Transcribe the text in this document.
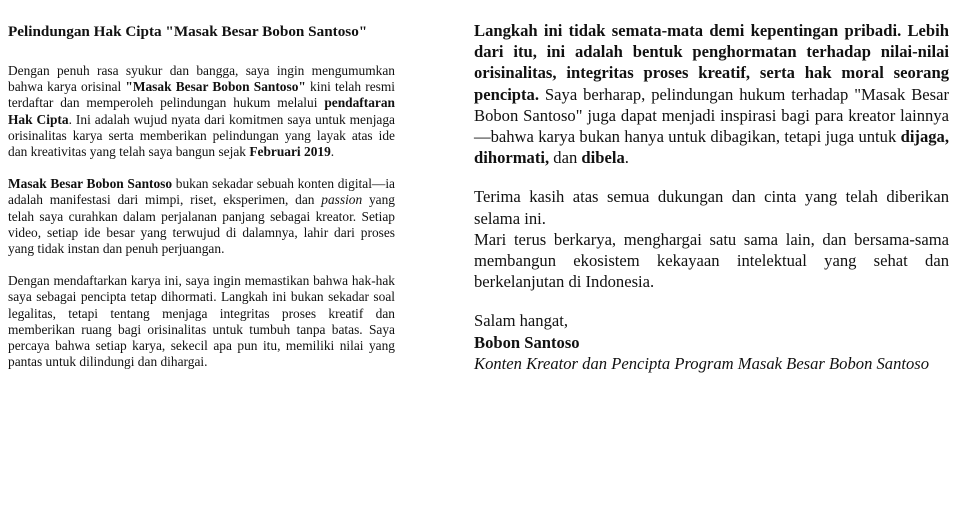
Pelindungan Hak Cipta "Masak Besar Bobon Santoso"

Dengan penuh rasa syukur dan bangga, saya ingin mengumumkan bahwa karya orisinal "Masak Besar Bobon Santoso" kini telah resmi terdaftar dan memperoleh pelindungan hukum melalui pendaftaran Hak Cipta. Ini adalah wujud nyata dari komitmen saya untuk menjaga orisinalitas karya serta memberikan pelindungan yang layak atas ide dan kreativitas yang telah saya bangun sejak Februari 2019.

Masak Besar Bobon Santoso bukan sekadar sebuah konten digital—ia adalah manifestasi dari mimpi, riset, eksperimen, dan passion yang telah saya curahkan dalam perjalanan panjang sebagai kreator. Setiap video, setiap ide besar yang terwujud di dalamnya, lahir dari proses yang tidak instan dan penuh perjuangan.

Dengan mendaftarkan karya ini, saya ingin memastikan bahwa hak-hak saya sebagai pencipta tetap dihormati. Langkah ini bukan sekadar soal legalitas, tetapi tentang menjaga integritas proses kreatif dan memberikan ruang bagi orisinalitas untuk tumbuh tanpa batas. Saya percaya bahwa setiap karya, sekecil apa pun itu, memiliki nilai yang pantas untuk dilindungi dan dihargai.

Langkah ini tidak semata-mata demi kepentingan pribadi. Lebih dari itu, ini adalah bentuk penghormatan terhadap nilai-nilai orisinalitas, integritas proses kreatif, serta hak moral seorang pencipta. Saya berharap, pelindungan hukum terhadap "Masak Besar Bobon Santoso" juga dapat menjadi inspirasi bagi para kreator lainnya—bahwa karya bukan hanya untuk dibagikan, tetapi juga untuk dijaga, dihormati, dan dibela.

Terima kasih atas semua dukungan dan cinta yang telah diberikan selama ini.

Mari terus berkarya, menghargai satu sama lain, dan bersama-sama membangun ekosistem kekayaan intelektual yang sehat dan berkelanjutan di Indonesia.

Salam hangat,
Bobon Santoso
Konten Kreator dan Pencipta Program Masak Besar Bobon Santoso
